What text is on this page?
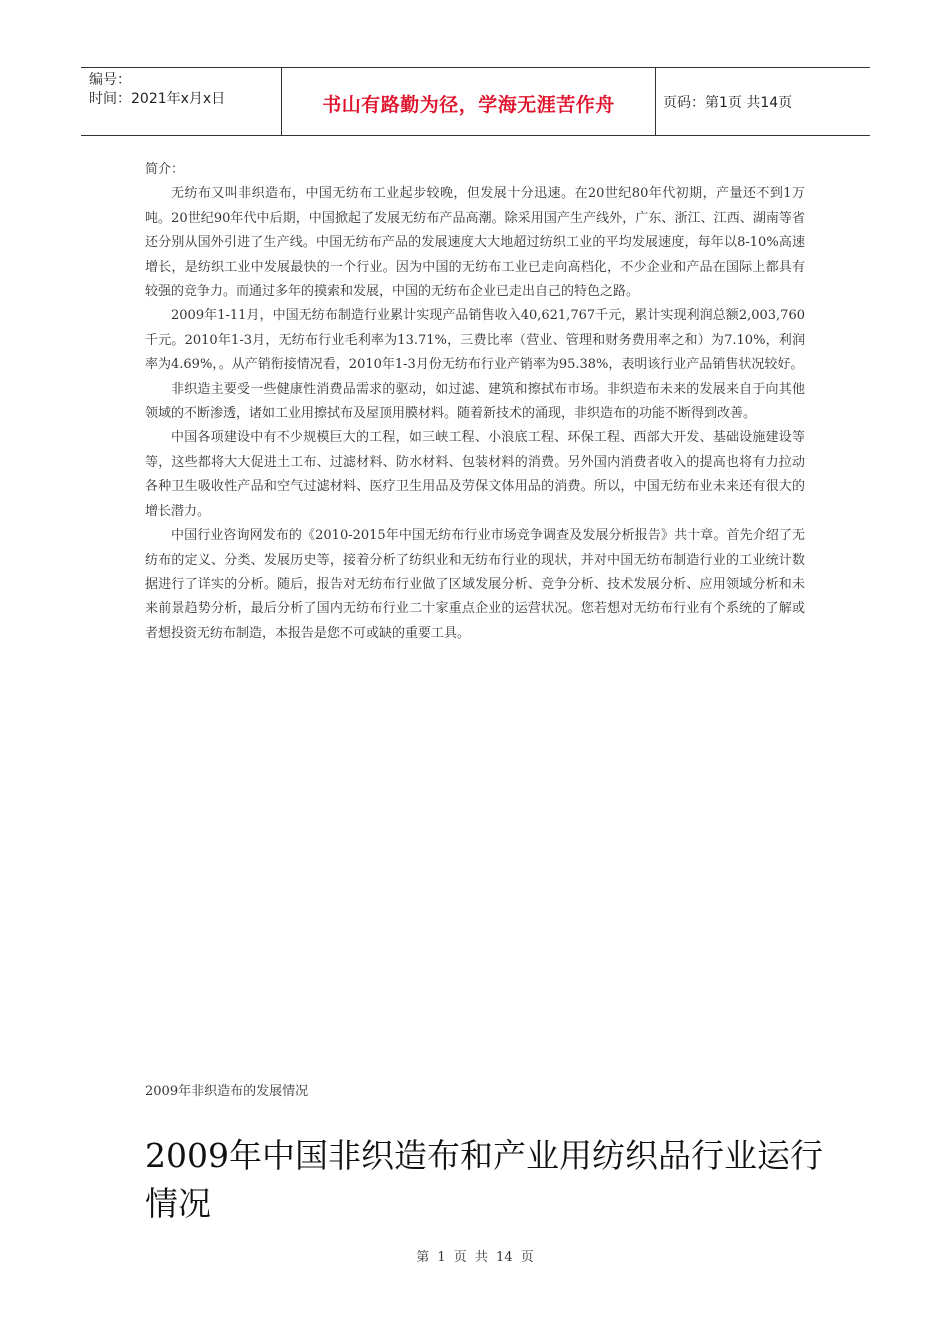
编号：
时间：2021年x月x日	书山有路勤为径，学海无涯苦作舟	页码：第1页 共14页

简介：

无纺布又叫非织造布，中国无纺布工业起步较晚，但发展十分迅速。在20世纪80年代初期，产量还不到1万吨。20世纪90年代中后期，中国掀起了发展无纺布产品高潮。除采用国产生产线外，广东、浙江、江西、湖南等省还分别从国外引进了生产线。中国无纺布产品的发展速度大大地超过纺织工业的平均发展速度，每年以8-10%高速增长，是纺织工业中发展最快的一个行业。因为中国的无纺布工业已走向高档化，不少企业和产品在国际上都具有较强的竞争力。而通过多年的摸索和发展，中国的无纺布企业已走出自己的特色之路。

2009年1-11月，中国无纺布制造行业累计实现产品销售收入40,621,767千元，累计实现利润总额2,003,760千元。2010年1-3月，无纺布行业毛利率为13.71%，三费比率（营业、管理和财务费用率之和）为7.10%，利润率为4.69%，。从产销衔接情况看，2010年1-3月份无纺布行业产销率为95.38%，表明该行业产品销售状况较好。

非织造主要受一些健康性消费品需求的驱动，如过滤、建筑和擦拭布市场。非织造布未来的发展来自于向其他领域的不断渗透，诸如工业用擦拭布及屋顶用膜材料。随着新技术的涌现，非织造布的功能不断得到改善。

中国各项建设中有不少规模巨大的工程，如三峡工程、小浪底工程、环保工程、西部大开发、基础设施建设等等，这些都将大大促进土工布、过滤材料、防水材料、包装材料的消费。另外国内消费者收入的提高也将有力拉动各种卫生吸收性产品和空气过滤材料、医疗卫生用品及劳保文体用品的消费。所以，中国无纺布业未来还有很大的增长潜力。

中国行业咨询网发布的《2010-2015年中国无纺布行业市场竞争调查及发展分析报告》共十章。首先介绍了无纺布的定义、分类、发展历史等，接着分析了纺织业和无纺布行业的现状，并对中国无纺布制造行业的工业统计数据进行了详实的分析。随后，报告对无纺布行业做了区域发展分析、竞争分析、技术发展分析、应用领域分析和未来前景趋势分析，最后分析了国内无纺布行业二十家重点企业的运营状况。您若想对无纺布行业有个系统的了解或者想投资无纺布制造，本报告是您不可或缺的重要工具。

2009年非织造布的发展情况
2009年中国非织造布和产业用纺织品行业运行情况
第 1 页 共 14 页
